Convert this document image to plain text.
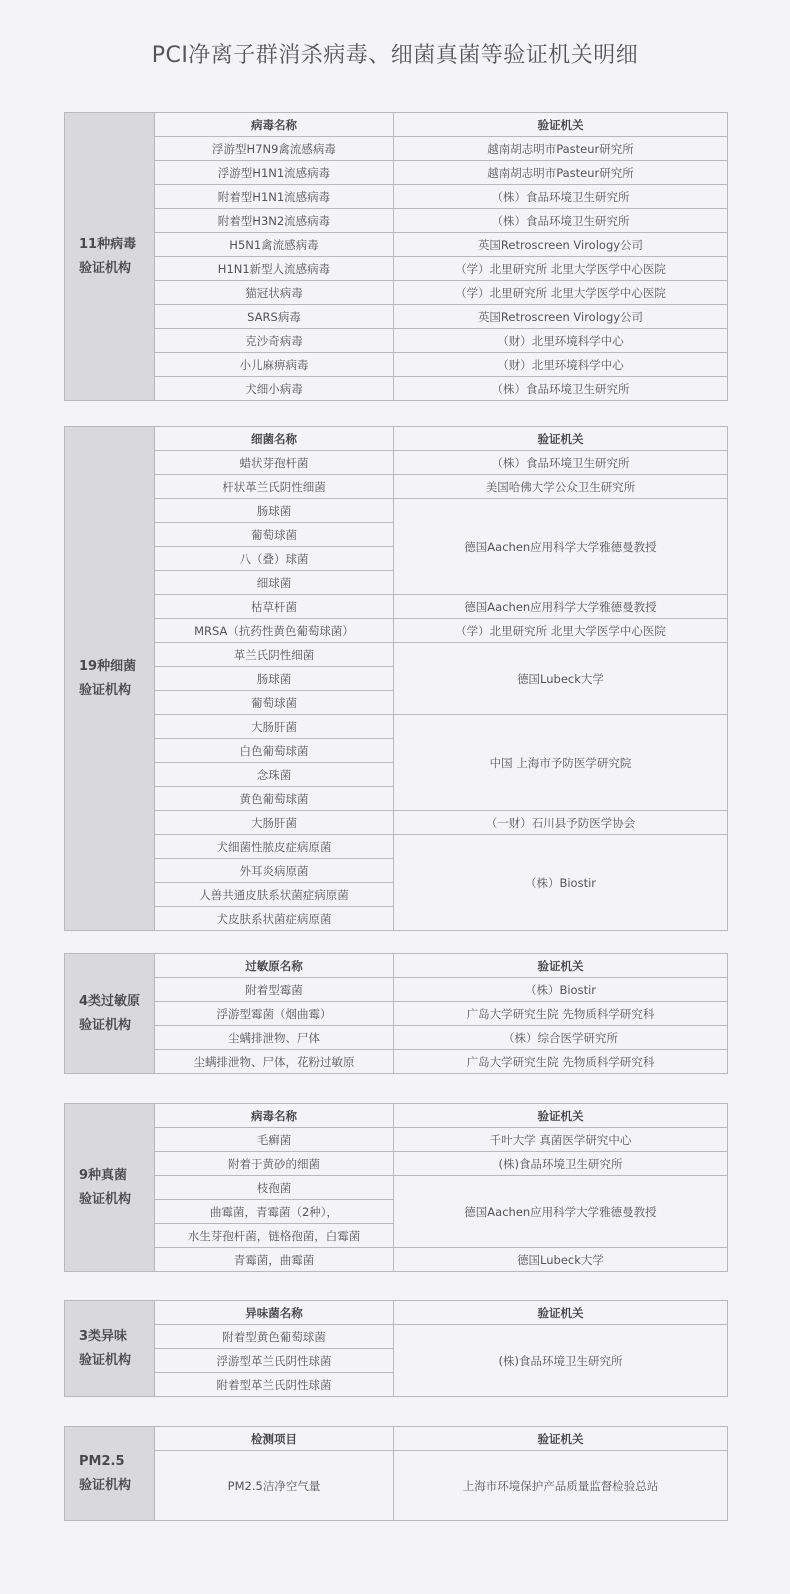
PCI净离子群消杀病毒、细菌真菌等验证机关明细
11种病毒
验证机构	病毒名称	验证机关
	浮游型H7N9禽流感病毒	越南胡志明市Pasteur研究所
	浮游型H1N1流感病毒	越南胡志明市Pasteur研究所
	附着型H1N1流感病毒	（株）食品环境卫生研究所
	附着型H3N2流感病毒	（株）食品环境卫生研究所
	H5N1禽流感病毒	英国Retroscreen Virology公司
	H1N1新型人流感病毒	（学）北里研究所 北里大学医学中心医院
	猫冠状病毒	（学）北里研究所 北里大学医学中心医院
	SARS病毒	英国Retroscreen Virology公司
	克沙奇病毒	（财）北里环境科学中心
	小儿麻痹病毒	（财）北里环境科学中心
	犬细小病毒	（株）食品环境卫生研究所
19种细菌
验证机构	细菌名称	验证机关
	蜡状芽孢杆菌	（株）食品环境卫生研究所
	杆状革兰氏阴性细菌	美国哈佛大学公众卫生研究所
	肠球菌	德国Aachen应用科学大学雅德曼教授
	葡萄球菌	
	八（叠）球菌	
	细球菌	
	枯草杆菌	德国Aachen应用科学大学雅德曼教授
	MRSA（抗药性黄色葡萄球菌）	（学）北里研究所 北里大学医学中心医院
	革兰氏阴性细菌	德国Lubeck大学
	肠球菌	
	葡萄球菌	
	大肠肝菌	中国 上海市予防医学研究院
	白色葡萄球菌	
	念珠菌	
	黄色葡萄球菌	
	大肠肝菌	（一财）石川县予防医学协会
	犬细菌性脓皮症病原菌	（株）Biostir
	外耳炎病原菌	
	人兽共通皮肤系状菌症病原菌	
	犬皮肤系状菌症病原菌	
4类过敏原
验证机构	过敏原名称	验证机关
	附着型霉菌	（株）Biostir
	浮游型霉菌（烟曲霉）	广岛大学研究生院 先物质科学研究科
	尘螨排泄物、尸体	（株）综合医学研究所
	尘螨排泄物、尸体，花粉过敏原	广岛大学研究生院 先物质科学研究科
9种真菌
验证机构	病毒名称	验证机关
	毛癣菌	千叶大学 真菌医学研究中心
	附着于黄砂的细菌	(株)食品环境卫生研究所
	枝孢菌	德国Aachen应用科学大学雅德曼教授
	曲霉菌，青霉菌（2种），	
	水生芽孢杆菌，链格孢菌，白霉菌	
	青霉菌，曲霉菌	德国Lubeck大学
3类异味
验证机构	异味菌名称	验证机关
	附着型黄色葡萄球菌	(株)食品环境卫生研究所
	浮游型革兰氏阴性球菌	
	附着型革兰氏阴性球菌	
PM2.5
验证机构	检测项目	验证机关
	PM2.5洁净空气量	上海市环境保护产品质量监督检验总站
